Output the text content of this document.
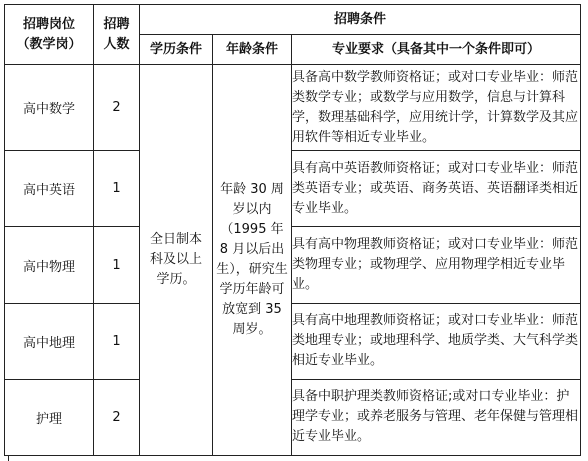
招聘岗位（教学岗）	招聘人数	招聘条件		
		学历条件	年龄条件	专业要求（具备其中一个条件即可）
高中数学	2	全日制本科及以上学历。	年龄 30 周岁以内（1995 年 8 月以后出生），研究生学历年龄可放宽到 35 周岁。	具备高中数学教师资格证；或对口专业毕业：师范类数学专业；或数学与应用数学，信息与计算科学，数理基础科学，应用统计学，计算数学及其应用软件等相近专业毕业。
高中英语	1			具有高中英语教师资格证；或对口专业毕业：师范类英语专业；或英语、商务英语、英语翻译类相近专业毕业。
高中物理	1			具有高中物理教师资格证；或对口专业毕业：师范类物理专业；或物理学、应用物理学相近专业毕业。
高中地理	1			具有高中地理教师资格证；或对口专业毕业：师范类地理专业；或地理科学、地质学类、大气科学类相近专业毕业。
护理	2			具备中职护理类教师资格证;或对口专业毕业：护理学专业；或养老服务与管理、老年保健与管理相近专业毕业。
